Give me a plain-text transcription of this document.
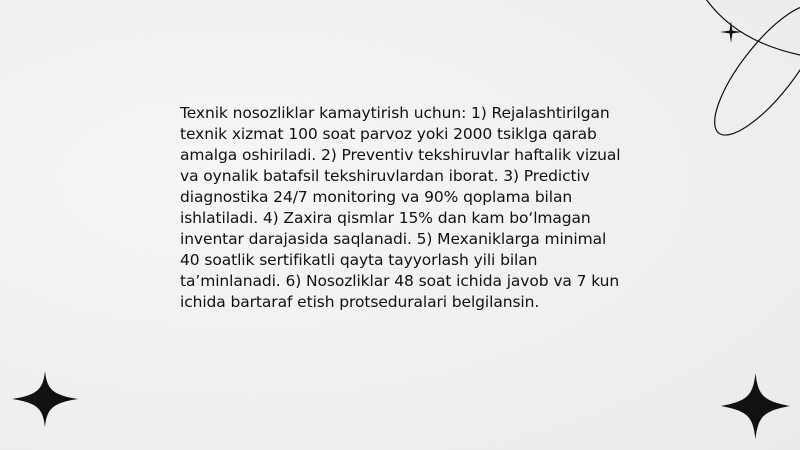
Texnik nosozliklar kamaytirish uchun: 1) Rejalashtirilgan texnik xizmat 100 soat parvoz yoki 2000 tsiklga qarab amalga oshiriladi. 2) Preventiv tekshiruvlar haftalik vizual va oynalik batafsil tekshiruvlardan iborat. 3) Predictiv diagnostika 24/7 monitoring va 90% qoplama bilan ishlatiladi. 4) Zaxira qismlar 15% dan kam bo‘lmagan inventar darajasida saqlanadi. 5) Mexaniklarga minimal 40 soatlik sertifikatli qayta tayyorlash yili bilan ta’minlanadi. 6) Nosozliklar 48 soat ichida javob va 7 kun ichida bartaraf etish protseduralari belgilansin.
